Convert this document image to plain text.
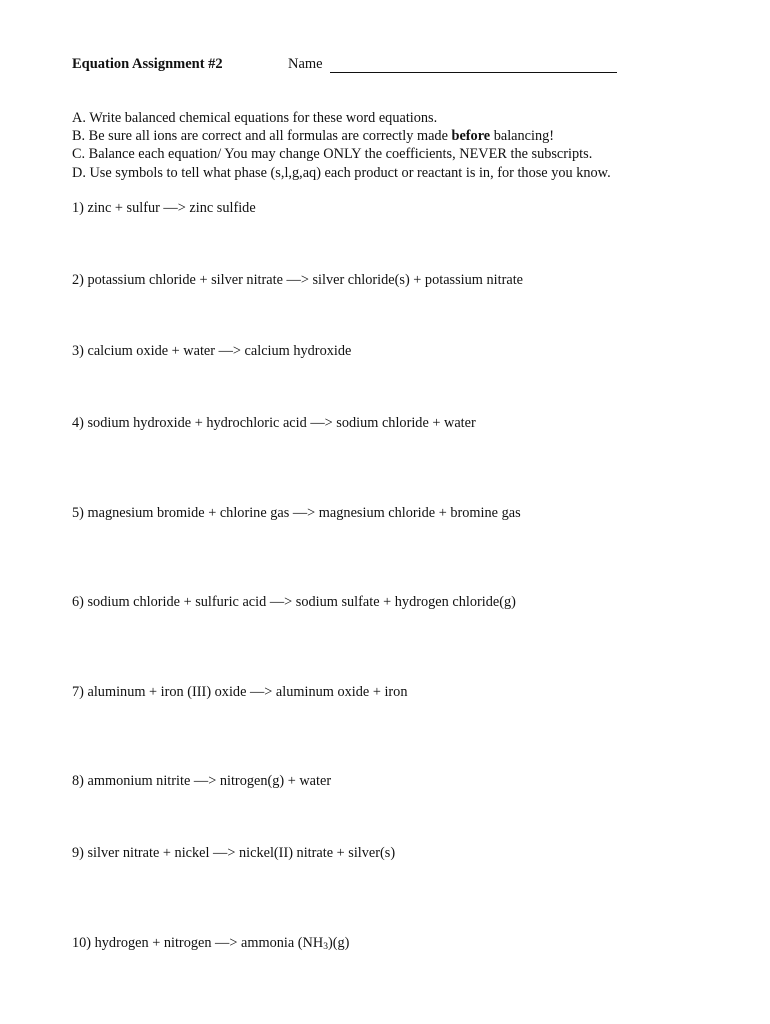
Equation Assignment #2	Name
A. Write balanced chemical equations for these word equations.
B. Be sure all ions are correct and all formulas are correctly made before balancing!
C. Balance each equation/ You may change ONLY the coefficients, NEVER the subscripts.
D. Use symbols to tell what phase (s,l,g,aq) each product or reactant is in, for those you know.
1) zinc + sulfur —> zinc sulfide
2) potassium chloride + silver nitrate —> silver chloride(s) + potassium nitrate
3) calcium oxide + water —> calcium hydroxide
4) sodium hydroxide + hydrochloric acid —> sodium chloride + water
5) magnesium bromide + chlorine gas —> magnesium chloride + bromine gas
6) sodium chloride + sulfuric acid —> sodium sulfate + hydrogen chloride(g)
7) aluminum + iron (III) oxide —> aluminum oxide + iron
8) ammonium nitrite —> nitrogen(g) + water
9) silver nitrate + nickel —> nickel(II) nitrate + silver(s)
10) hydrogen + nitrogen —> ammonia $(NH_3)(g)$
